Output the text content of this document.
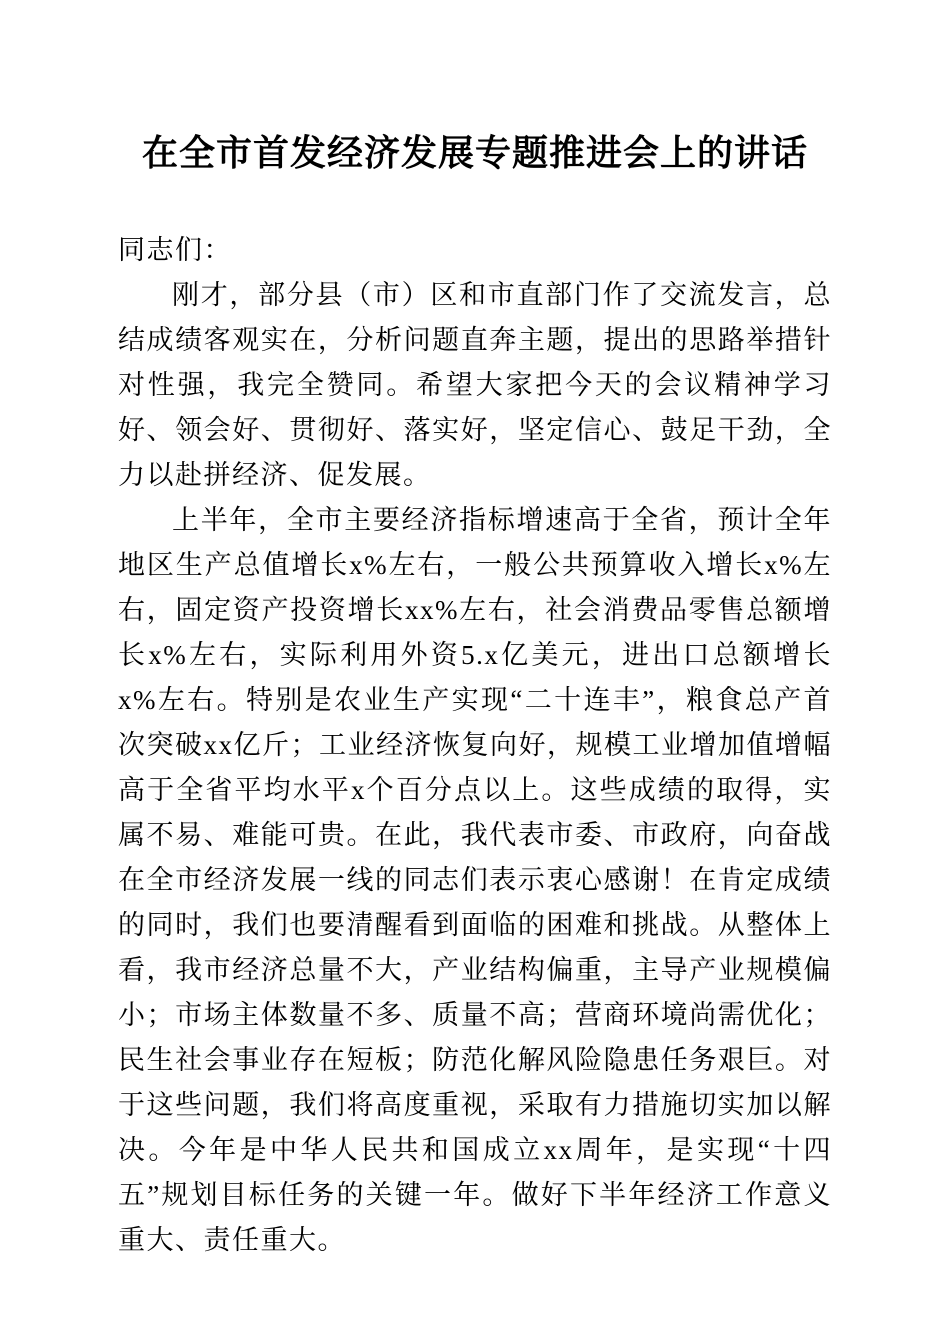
在全市首发经济发展专题推进会上的讲话

同志们：

刚才，部分县（市）区和市直部门作了交流发言，总结成绩客观实在，分析问题直奔主题，提出的思路举措针对性强，我完全赞同。希望大家把今天的会议精神学习好、领会好、贯彻好、落实好，坚定信心、鼓足干劲，全力以赴拼经济、促发展。

上半年，全市主要经济指标增速高于全省，预计全年地区生产总值增长x%左右，一般公共预算收入增长x%左右，固定资产投资增长xx%左右，社会消费品零售总额增长x%左右，实际利用外资5.x亿美元，进出口总额增长x%左右。特别是农业生产实现“二十连丰”，粮食总产首次突破xx亿斤；工业经济恢复向好，规模工业增加值增幅高于全省平均水平x个百分点以上。这些成绩的取得，实属不易、难能可贵。在此，我代表市委、市政府，向奋战在全市经济发展一线的同志们表示衷心感谢！在肯定成绩的同时，我们也要清醒看到面临的困难和挑战。从整体上看，我市经济总量不大，产业结构偏重，主导产业规模偏小；市场主体数量不多、质量不高；营商环境尚需优化；民生社会事业存在短板；防范化解风险隐患任务艰巨。对于这些问题，我们将高度重视，采取有力措施切实加以解决。今年是中华人民共和国成立xx周年，是实现“十四五”规划目标任务的关键一年。做好下半年经济工作意义重大、责任重大。
